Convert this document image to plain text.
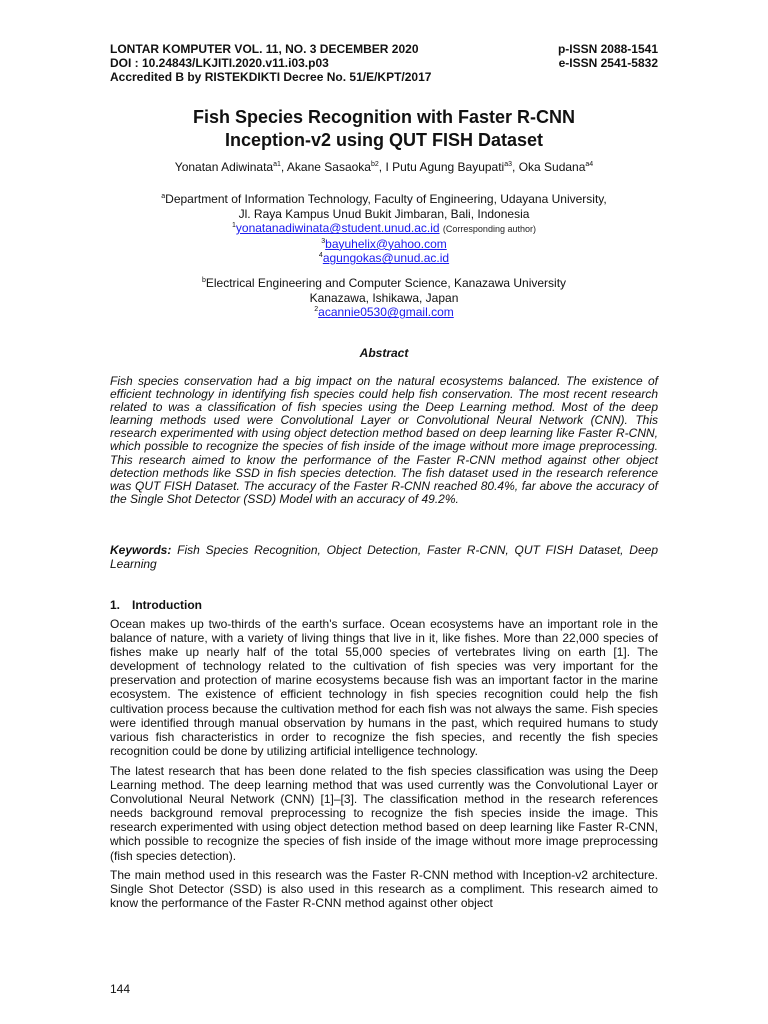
LONTAR KOMPUTER VOL. 11, NO. 3 DECEMBER 2020	p-ISSN 2088-1541
DOI : 10.24843/LKJITI.2020.v11.i03.p03	e-ISSN 2541-5832
Accredited B by RISTEKDIKTI Decree No. 51/E/KPT/2017
Fish Species Recognition with Faster R-CNN
Inception-v2 using QUT FISH Dataset
Yonatan Adiwinata$^{a1}$, Akane Sasaoka$^{b2}$, I Putu Agung Bayupati$^{a3}$, Oka Sudana$^{a4}$
$^a$Department of Information Technology, Faculty of Engineering, Udayana University,
Jl. Raya Kampus Unud Bukit Jimbaran, Bali, Indonesia
$^1$yonatanadiwinata@student.unud.ac.id (Corresponding author)
$^3$bayuhelix@yahoo.com
$^4$agungokas@unud.ac.id
$^b$Electrical Engineering and Computer Science, Kanazawa University
Kanazawa, Ishikawa, Japan
$^2$acannie0530@gmail.com
Abstract
Fish species conservation had a big impact on the natural ecosystems balanced. The existence of efficient technology in identifying fish species could help fish conservation. The most recent research related to was a classification of fish species using the Deep Learning method. Most of the deep learning methods used were Convolutional Layer or Convolutional Neural Network (CNN). This research experimented with using object detection method based on deep learning like Faster R-CNN, which possible to recognize the species of fish inside of the image without more image preprocessing. This research aimed to know the performance of the Faster R-CNN method against other object detection methods like SSD in fish species detection. The fish dataset used in the research reference was QUT FISH Dataset. The accuracy of the Faster R-CNN reached 80.4%, far above the accuracy of the Single Shot Detector (SSD) Model with an accuracy of 49.2%.
Keywords: Fish Species Recognition, Object Detection, Faster R-CNN, QUT FISH Dataset, Deep Learning
1. Introduction
Ocean makes up two-thirds of the earth's surface. Ocean ecosystems have an important role in the balance of nature, with a variety of living things that live in it, like fishes. More than 22,000 species of fishes make up nearly half of the total 55,000 species of vertebrates living on earth [1]. The development of technology related to the cultivation of fish species was very important for the preservation and protection of marine ecosystems because fish was an important factor in the marine ecosystem. The existence of efficient technology in fish species recognition could help the fish cultivation process because the cultivation method for each fish was not always the same. Fish species were identified through manual observation by humans in the past, which required humans to study various fish characteristics in order to recognize the fish species, and recently the fish species recognition could be done by utilizing artificial intelligence technology.
The latest research that has been done related to the fish species classification was using the Deep Learning method. The deep learning method that was used currently was the Convolutional Layer or Convolutional Neural Network (CNN) [1]–[3]. The classification method in the research references needs background removal preprocessing to recognize the fish species inside the image. This research experimented with using object detection method based on deep learning like Faster R-CNN, which possible to recognize the species of fish inside of the image without more image preprocessing (fish species detection).
The main method used in this research was the Faster R-CNN method with Inception-v2 architecture. Single Shot Detector (SSD) is also used in this research as a compliment. This research aimed to know the performance of the Faster R-CNN method against other object
144
